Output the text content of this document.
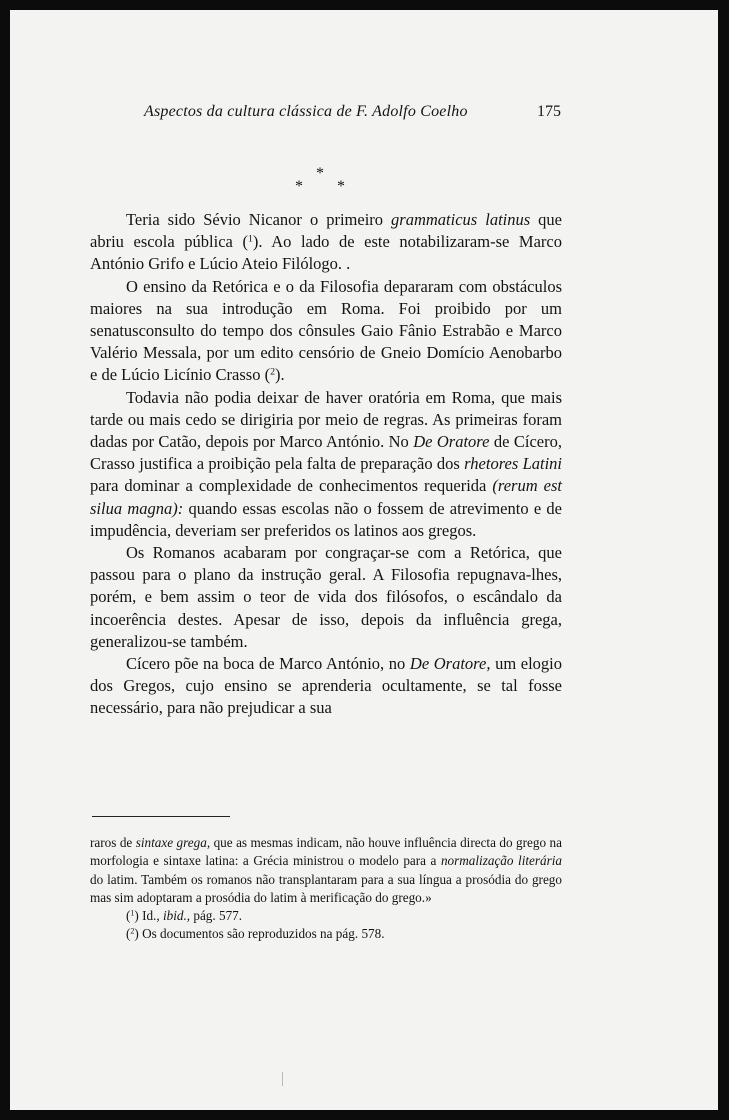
Aspectos da cultura clássica de F. Adolfo Coelho	175
*
* *

Teria sido Sévio Nicanor o primeiro grammaticus latinus que abriu escola pública ($^1$). Ao lado de este notabilizaram-se Marco António Grifo e Lúcio Ateio Filólogo. .

O ensino da Retórica e o da Filosofia depararam com obstáculos maiores na sua introdução em Roma. Foi proibido por um senatusconsulto do tempo dos cônsules Gaio Fânio Estrabão e Marco Valério Messala, por um edito censório de Gneio Domício Aenobarbo e de Lúcio Licínio Crasso ($^2$).

Todavia não podia deixar de haver oratória em Roma, que mais tarde ou mais cedo se dirigiria por meio de regras. As primeiras foram dadas por Catão, depois por Marco António. No De Oratore de Cícero, Crasso justifica a proibição pela falta de preparação dos rhetores Latini para dominar a complexidade de conhecimentos requerida (rerum est silua magna): quando essas escolas não o fossem de atrevimento e de impudência, deveriam ser preferidos os latinos aos gregos.

Os Romanos acabaram por congraçar-se com a Retórica, que passou para o plano da instrução geral. A Filosofia repugnava-lhes, porém, e bem assim o teor de vida dos filósofos, o escândalo da incoerência destes. Apesar de isso, depois da influência grega, generalizou-se também.

Cícero põe na boca de Marco António, no De Oratore, um elogio dos Gregos, cujo ensino se aprenderia ocultamente, se tal fosse necessário, para não prejudicar a sua

raros de sintaxe grega, que as mesmas indicam, não houve influência directa do grego na morfologia e sintaxe latina: a Grécia ministrou o modelo para a normalização literária do latim. Também os romanos não transplantaram para a sua língua a prosódia do grego mas sim adoptaram a prosódia do latim à merificação do grego.»

($^1$) Id., ibid., pág. 577.

($^2$) Os documentos são reproduzidos na pág. 578.
